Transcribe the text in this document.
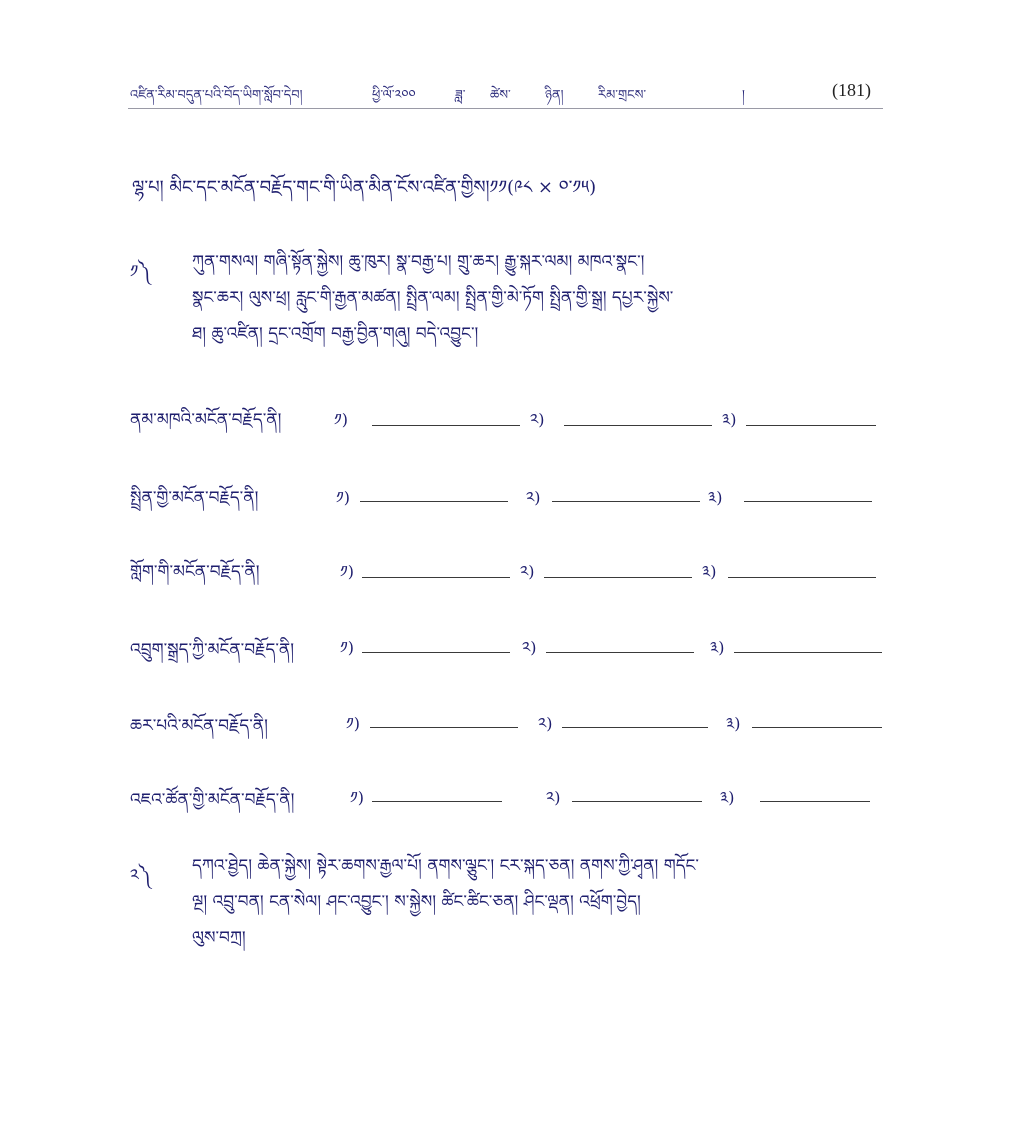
འཛིན་རིམ་བདུན་པའི་བོད་ཡིག་སློབ་དེབ།	ཕྱི་ལོ་༢༠༠	ཟླ་ ཚེས་	ཉིན།	རིམ་གྲངས་	།	(181)
ལྷ་པ། མིང་དང་མངོན་བརྗོད་གང་གི་ཡིན་མིན་ངོས་འཛིན་གྱིས།༡༡(༩༨ × ༠་༡༥)
༡༽ ཀུན་གསལ། གཞི་སྟོན་སྐྱེས། ཆུ་ཁུར། སྣ་བརྒྱ་པ། གྲུ་ཆར། རྒྱུ་སྐར་ལམ། མཁའ་སྣང་།
སྣང་ཆར། ལུས་ཕྲ། རླུང་གི་རྒྱན་མཚན། སྤྲིན་ལམ། སྤྲིན་གྱི་མེ་ཏོག སྤྲིན་གྱི་སྒྲ། དཔྱར་སྐྱེས་
ཐ། ཆུ་འཛིན། དྲང་འགྲོག བརྒྱ་བྱིན་གཞུ། བདེ་འབྱུང་།
ནམ་མཁའི་མངོན་བརྗོད་ནི།	༡)	༢)	༣)
སྤྲིན་གྱི་མངོན་བརྗོད་ནི།	༡)	༢)	༣)
གློག་གི་མངོན་བརྗོད་ནི།	༡)	༢)	༣)
འབྲུག་སྒྲད་ཀྱི་མངོན་བརྗོད་ནི།	༡)	༢)	༣)
ཆར་པའི་མངོན་བརྗོད་ནི།	༡)	༢)	༣)
འཇའ་ཚོན་གྱི་མངོན་བརྗོད་ནི།	༡)	༢)	༣)
༢༽ དཀའ་ཐྱེད། ཆེན་སྐྱེས། སྟེར་ཆགས་རྒྱལ་པོ། ནགས་ལྕུང་། ངར་སྐད་ཅན། ནགས་ཀྱི་ཤྭན། གདོང་
ལྔ། འབྲུ་བན། ངན་སེལ། ཤང་འབྱུང་། ས་སྐྱེས། ཚིང་ཚིང་ཅན། ཤིང་ལྡན། འཕྲོག་བྱེད།
ལུས་བཀྲ།
